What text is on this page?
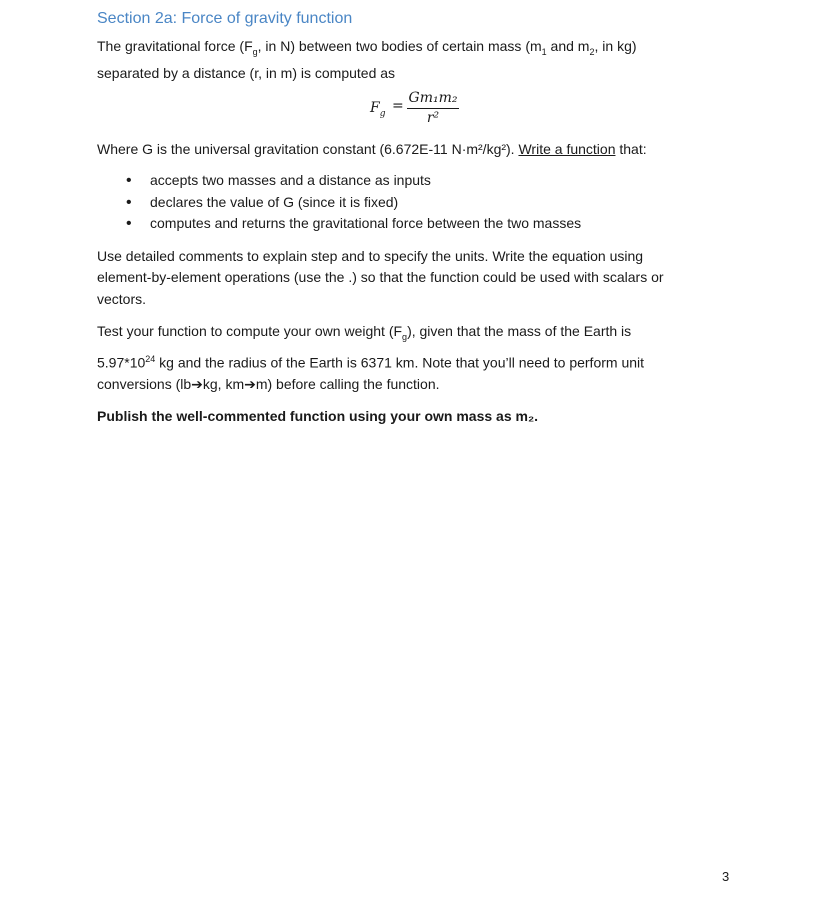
Section 2a: Force of gravity function

The gravitational force ($F_g$, in N) between two bodies of certain mass ($m_1$ and $m_2$, in kg)

separated by a distance (r, in m) is computed as

$F_g = Gm_1m_2$
r²

Where G is the universal gravitation constant (6.672E-11 N·m²/kg²). Write a function that:

• accepts two masses and a distance as inputs
• declares the value of G (since it is fixed)
• computes and returns the gravitational force between the two masses

Use detailed comments to explain step and to specify the units. Write the equation using

element-by-element operations (use the .) so that the function could be used with scalars or

vectors.

Test your function to compute your own weight $(F_g)$, given that the mass of the Earth is

$5.97*10^{24}$ kg and the radius of the Earth is 6371 km. Note that you’ll need to perform unit

conversions (lb➔kg, km➔m) before calling the function.

Publish the well-commented function using your own mass as m₂.

3
